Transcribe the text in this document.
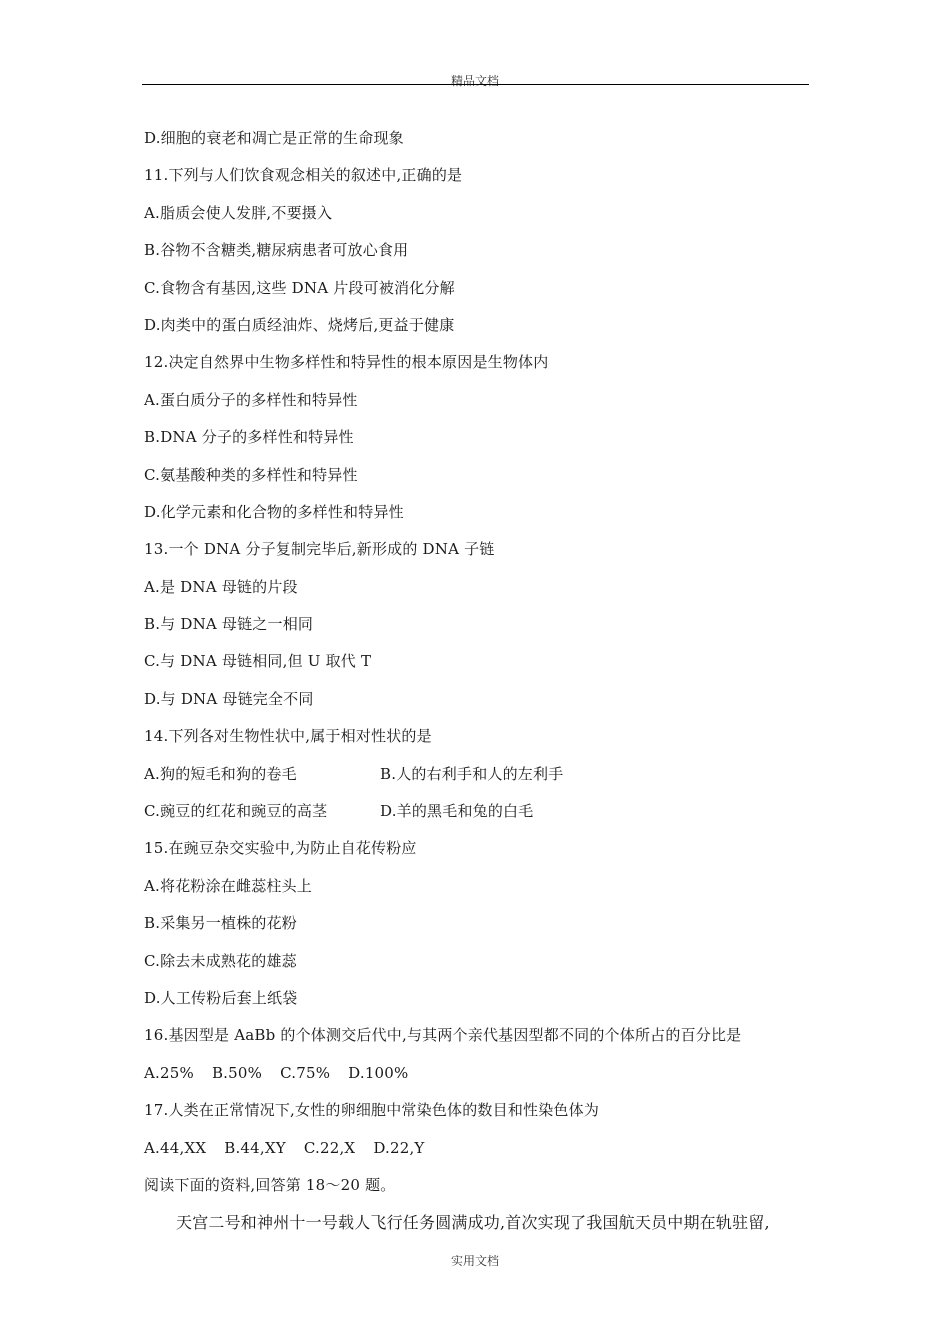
精品文档
D.细胞的衰老和凋亡是正常的生命现象
11.下列与人们饮食观念相关的叙述中,正确的是
A.脂质会使人发胖,不要摄入
B.谷物不含糖类,糖尿病患者可放心食用
C.食物含有基因,这些 DNA 片段可被消化分解
D.肉类中的蛋白质经油炸、烧烤后,更益于健康
12.决定自然界中生物多样性和特异性的根本原因是生物体内
A.蛋白质分子的多样性和特异性
B.DNA 分子的多样性和特异性
C.氨基酸种类的多样性和特异性
D.化学元素和化合物的多样性和特异性
13.一个 DNA 分子复制完毕后,新形成的 DNA 子链
A.是 DNA 母链的片段
B.与 DNA 母链之一相同
C.与 DNA 母链相同,但 U 取代 T
D.与 DNA 母链完全不同
14.下列各对生物性状中,属于相对性状的是
A.狗的短毛和狗的卷毛	B.人的右利手和人的左利手
C.豌豆的红花和豌豆的高茎	D.羊的黑毛和兔的白毛
15.在豌豆杂交实验中,为防止自花传粉应
A.将花粉涂在雌蕊柱头上
B.采集另一植株的花粉
C.除去未成熟花的雄蕊
D.人工传粉后套上纸袋
16.基因型是 AaBb 的个体测交后代中,与其两个亲代基因型都不同的个体所占的百分比是
A.25% B.50% C.75% D.100%
17.人类在正常情况下,女性的卵细胞中常染色体的数目和性染色体为
A.44,XX B.44,XY C.22,X D.22,Y
阅读下面的资料,回答第 18～20 题。
天宫二号和神州十一号载人飞行任务圆满成功,首次实现了我国航天员中期在轨驻留,
实用文档
